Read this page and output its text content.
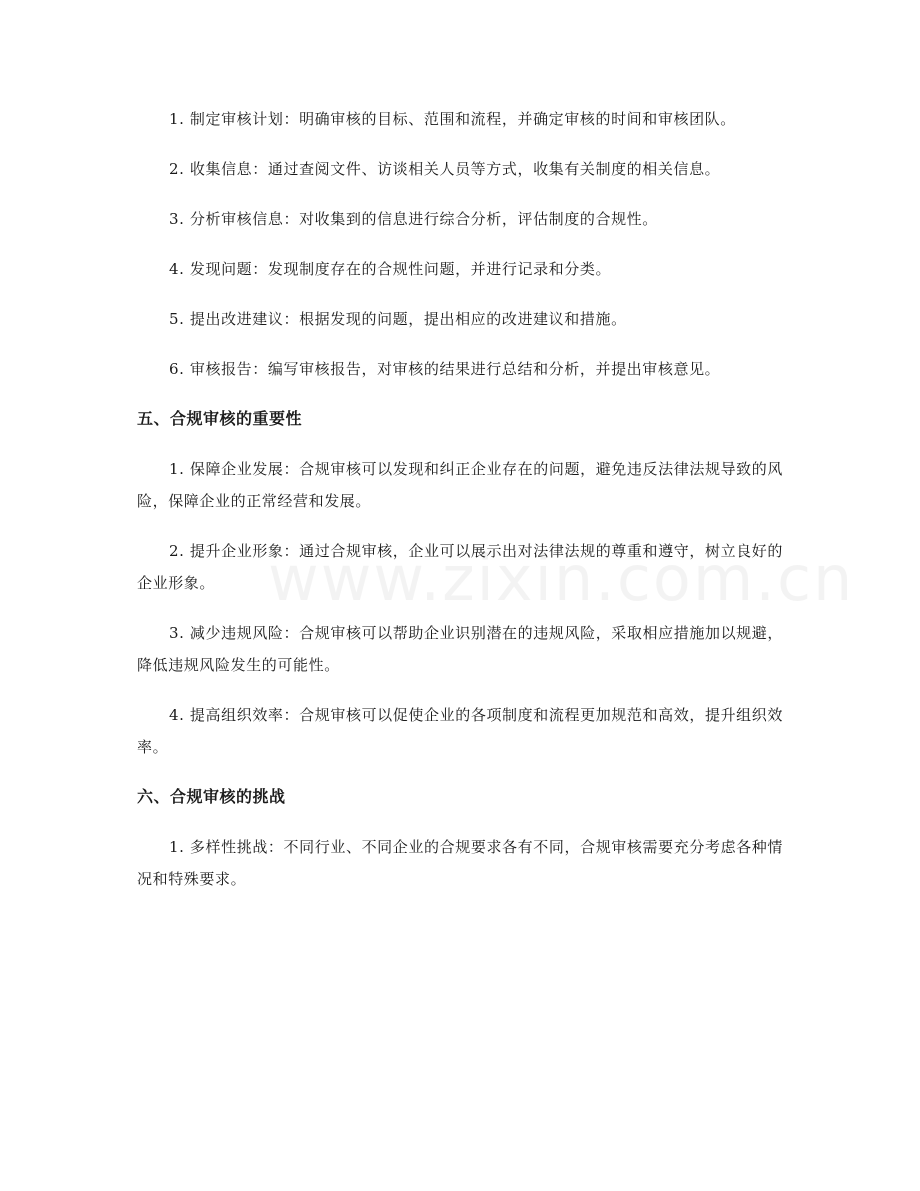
1. 制定审核计划：明确审核的目标、范围和流程，并确定审核的时间和审核团队。

2. 收集信息：通过查阅文件、访谈相关人员等方式，收集有关制度的相关信息。

3. 分析审核信息：对收集到的信息进行综合分析，评估制度的合规性。

4. 发现问题：发现制度存在的合规性问题，并进行记录和分类。

5. 提出改进建议：根据发现的问题，提出相应的改进建议和措施。

6. 审核报告：编写审核报告，对审核的结果进行总结和分析，并提出审核意见。

五、合规审核的重要性

1. 保障企业发展：合规审核可以发现和纠正企业存在的问题，避免违反法律法规导致的风险，保障企业的正常经营和发展。

2. 提升企业形象：通过合规审核，企业可以展示出对法律法规的尊重和遵守，树立良好的企业形象。

3. 减少违规风险：合规审核可以帮助企业识别潜在的违规风险，采取相应措施加以规避，降低违规风险发生的可能性。

4. 提高组织效率：合规审核可以促使企业的各项制度和流程更加规范和高效，提升组织效率。

六、合规审核的挑战

1. 多样性挑战：不同行业、不同企业的合规要求各有不同，合规审核需要充分考虑各种情况和特殊要求。
